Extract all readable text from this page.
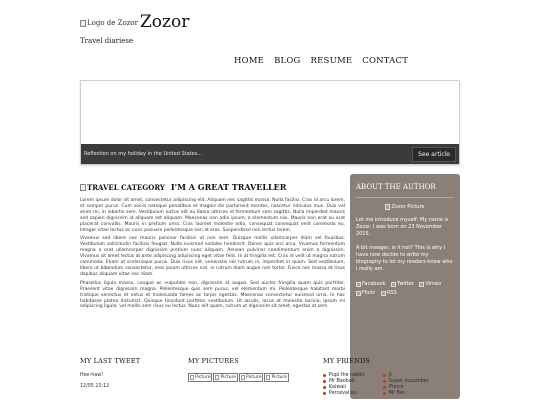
Logo de Zozor Zozor
Travel diariese
HOME BLOG RESUME CONTACT
Reflection on my holiday in the United States...	See article
TRAVEL CATEGORY I'M A GREAT TRAVELLER

Lorem ipsum dolor sit amet, consectetur adipiscing elit. Aliquam nec sagittis massa. Nulla facilisi. Cras id arcu lorem, et semper purus. Cum sociis natoque penatibus et magnis dis parturient montes, nascetur ridiculus mus. Duis vel enim mi, in lobortis sem. Vestibulum luctus elit eu libero ultrices id fermentum sem sagittis. Nulla imperdiet mauris sed sapien dignissim id aliquam est aliquam. Maecenas non odio ipsum, a elementum nisi. Mauris non erat eu erat placerat convallis. Mauris in pretium urna. Cras laoreet molestie odio, consequat consequat velit commodo eu. Integer vitae lectus ac nunc posuere pellentesque non at eros. Suspendisse non lectus lorem.

Vivamus sed libero nec mauris pulvinar facilisis ut non sem. Quisque mollis ullamcorper diam vel faucibus. Vestibulum sollicitudin facilisis feugiat. Nulla euismod sodales hendrerit. Donec quis orci arcu. Vivamus fermentum magna a erat ullamcorper dignissim pretium nunc aliquam. Aenean pulvinar condimentum enim a dignissim. Vivamus sit amet lectus at ante adipiscing adipiscing eget vitae felis. In at fringilla est. Cras id velit ut magna rutrum commodo. Etiam ut scelerisque purus. Duis risus elit, venenatis vel rutrum in, imperdiet in quam. Sed vestibulum, libero ut bibendum consectetur, eros ipsum ultrices nisl, in rutrum diam augue non tortor. Fusce nec massa et risus dapibus aliquam vitae nec diam.

Phasellus ligula massa, congue ac vulputate non, dignissim at augue. Sed auctor fringilla quam quis porttitor. Praesent vitae dignissim magna. Pellentesque quis sem purus, vel elementum mi. Pellentesque habitant morbi tristique senectus et netus et malesuada fames ac turpis egestas. Maecenas consectetur euismod urna. In hac habitasse platea dictumst. Quisque tincidunt porttitor vestibulum. Ut iaculis, lacus at molestie lacinia, ipsum mi adipiscing ligula, vel mollis sem risus eu lectus. Nunc elit quam, rutrum ut dignissim sit amet, egestas at sem.

ABOUT THE AUTHOR
Zozor Picture

Let me introduce myself: My name is Zozor. I was born on 23 November 2015.

A bit meager, is it not? This is why I have now decide to write my biography to let my readers know who I really am.

Facebook
Twitter
Vimeo

Flickr
RSS
MY LAST TWEET
Hee-haw!
12/05 23:12
MY PICTURES
Picture Picture Picture Picture
MY FRIENDS
Pupi the rabbit	Ji
Mr Baobab	Super cucumber
Kaiwaii	Prince
Perceval.eu	Mr Fan
